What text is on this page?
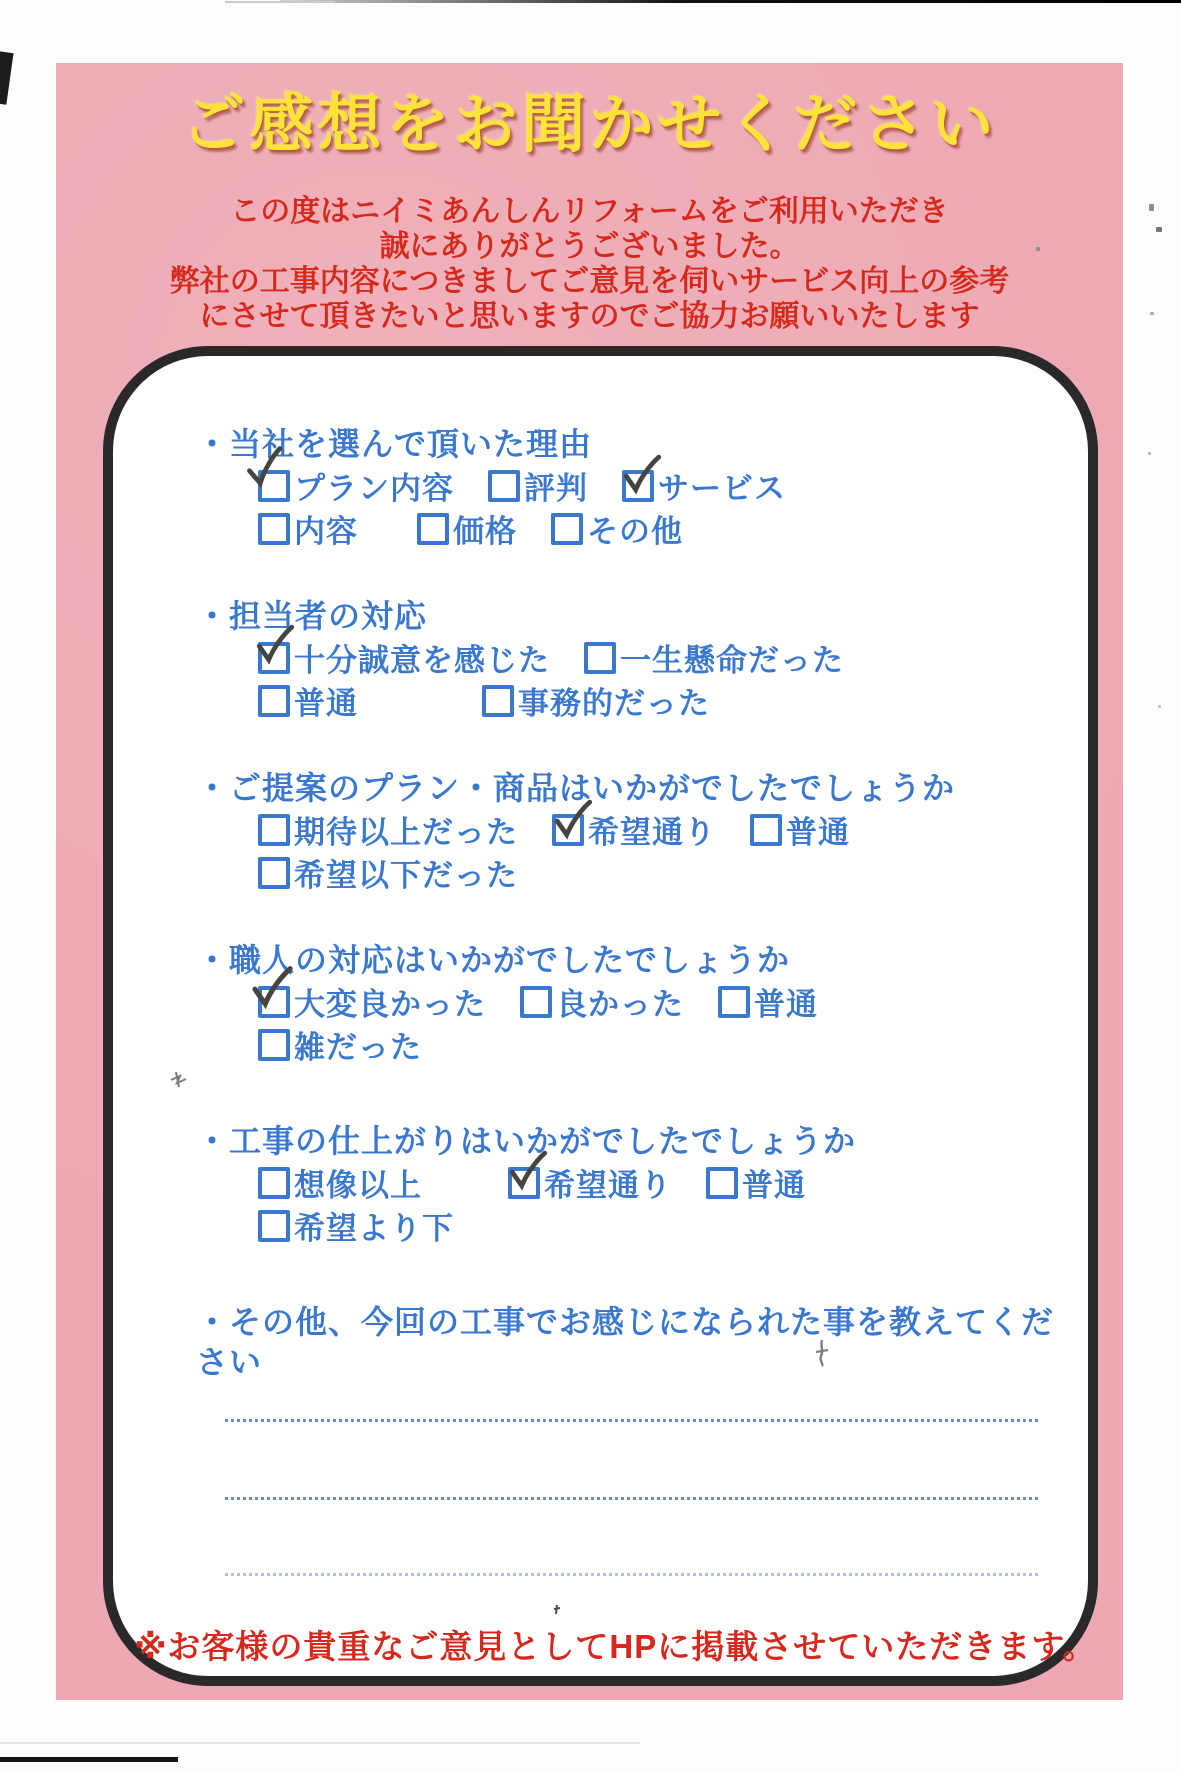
ご感想をお聞かせください
この度はニイミあんしんリフォームをご利用いただき
誠にありがとうございました。
弊社の工事内容につきましてご意見を伺いサービス向上の参考
にさせて頂きたいと思いますのでご協力お願いいたします
・当社を選んで頂いた理由
プラン内容 評判 サービス
内容	価格 その他
・担当者の対応
十分誠意を感じた 一生懸命だった
普通	事務的だった
・ご提案のプラン・商品はいかがでしたでしょうか
期待以上だった 希望通り 普通
希望以下だった
・職人の対応はいかがでしたでしょうか
大変良かった 良かった 普通
雑だった
・工事の仕上がりはいかがでしたでしょうか
想像以上	希望通り 普通
希望より下
・その他、今回の工事でお感じになられた事を教えてください
※お客様の貴重なご意見としてHPに掲載させていただきます。
